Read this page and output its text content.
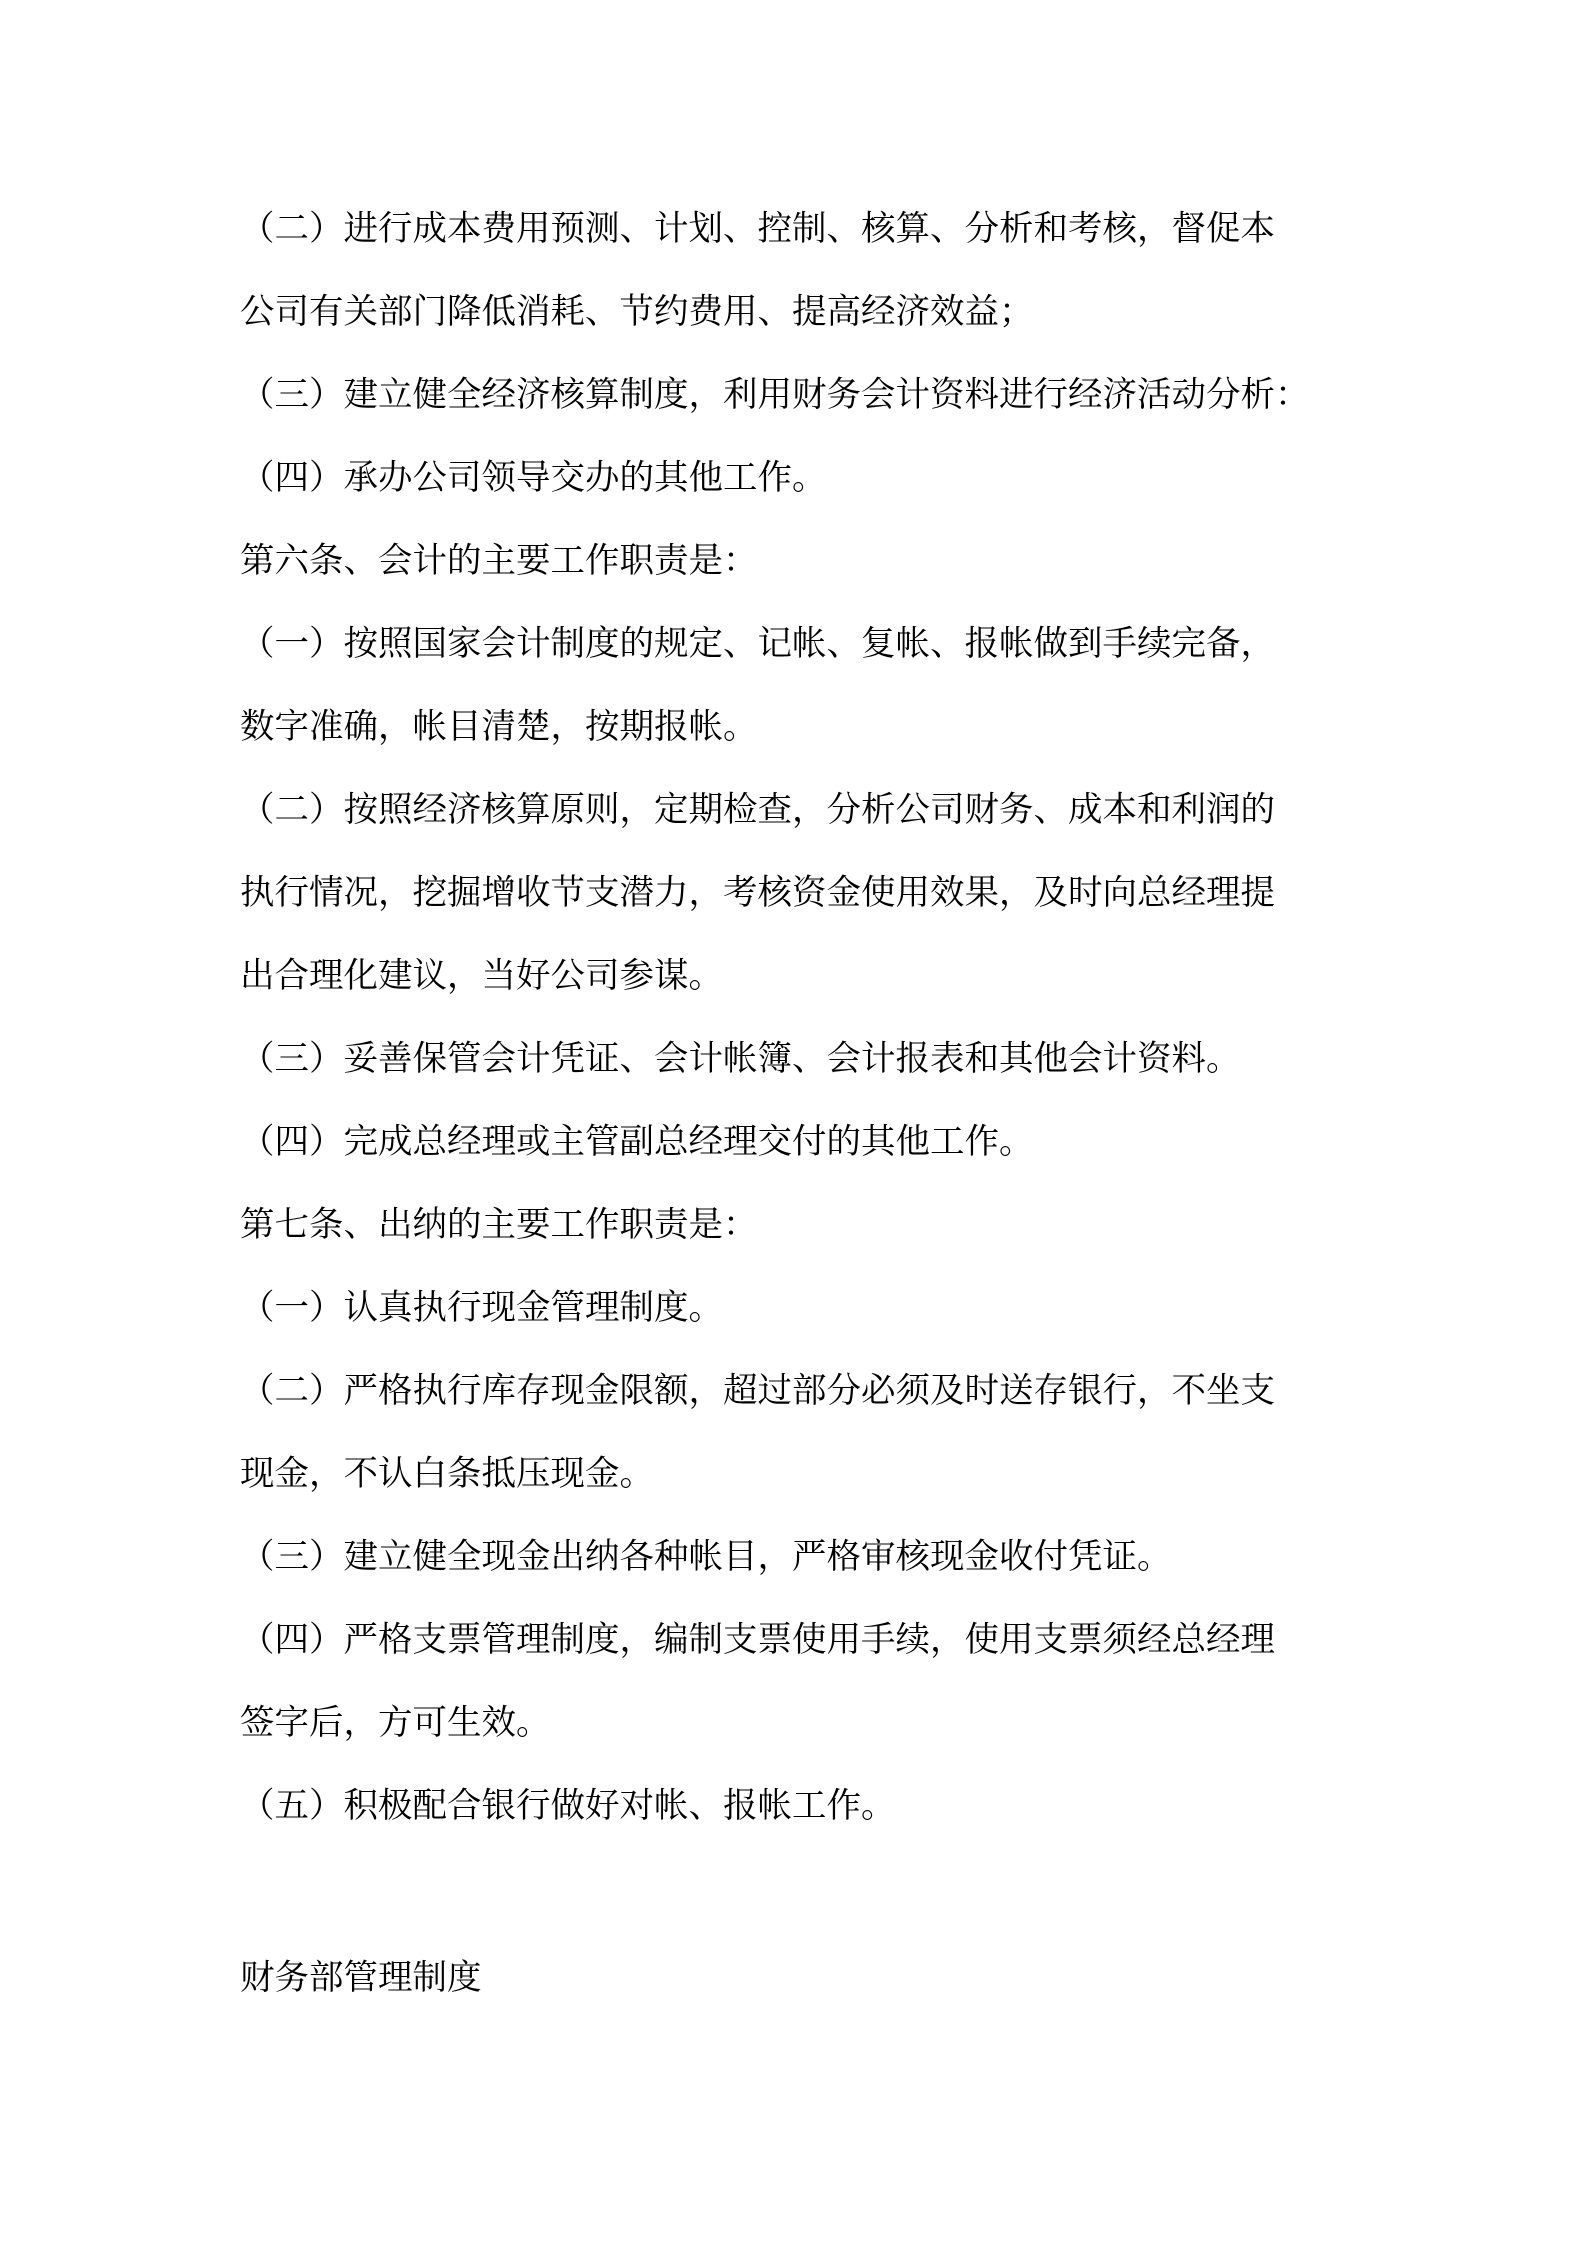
（二）进行成本费用预测、计划、控制、核算、分析和考核，督促本
公司有关部门降低消耗、节约费用、提高经济效益；
（三）建立健全经济核算制度，利用财务会计资料进行经济活动分析：
（四）承办公司领导交办的其他工作。
第六条、会计的主要工作职责是：
（一）按照国家会计制度的规定、记帐、复帐、报帐做到手续完备，
数字准确，帐目清楚，按期报帐。
（二）按照经济核算原则，定期检查，分析公司财务、成本和利润的
执行情况，挖掘增收节支潜力，考核资金使用效果，及时向总经理提
出合理化建议，当好公司参谋。
（三）妥善保管会计凭证、会计帐簿、会计报表和其他会计资料。
（四）完成总经理或主管副总经理交付的其他工作。
第七条、出纳的主要工作职责是：
（一）认真执行现金管理制度。
（二）严格执行库存现金限额，超过部分必须及时送存银行，不坐支
现金，不认白条抵压现金。
（三）建立健全现金出纳各种帐目，严格审核现金收付凭证。
（四）严格支票管理制度，编制支票使用手续，使用支票须经总经理
签字后，方可生效。
（五）积极配合银行做好对帐、报帐工作。
财务部管理制度
